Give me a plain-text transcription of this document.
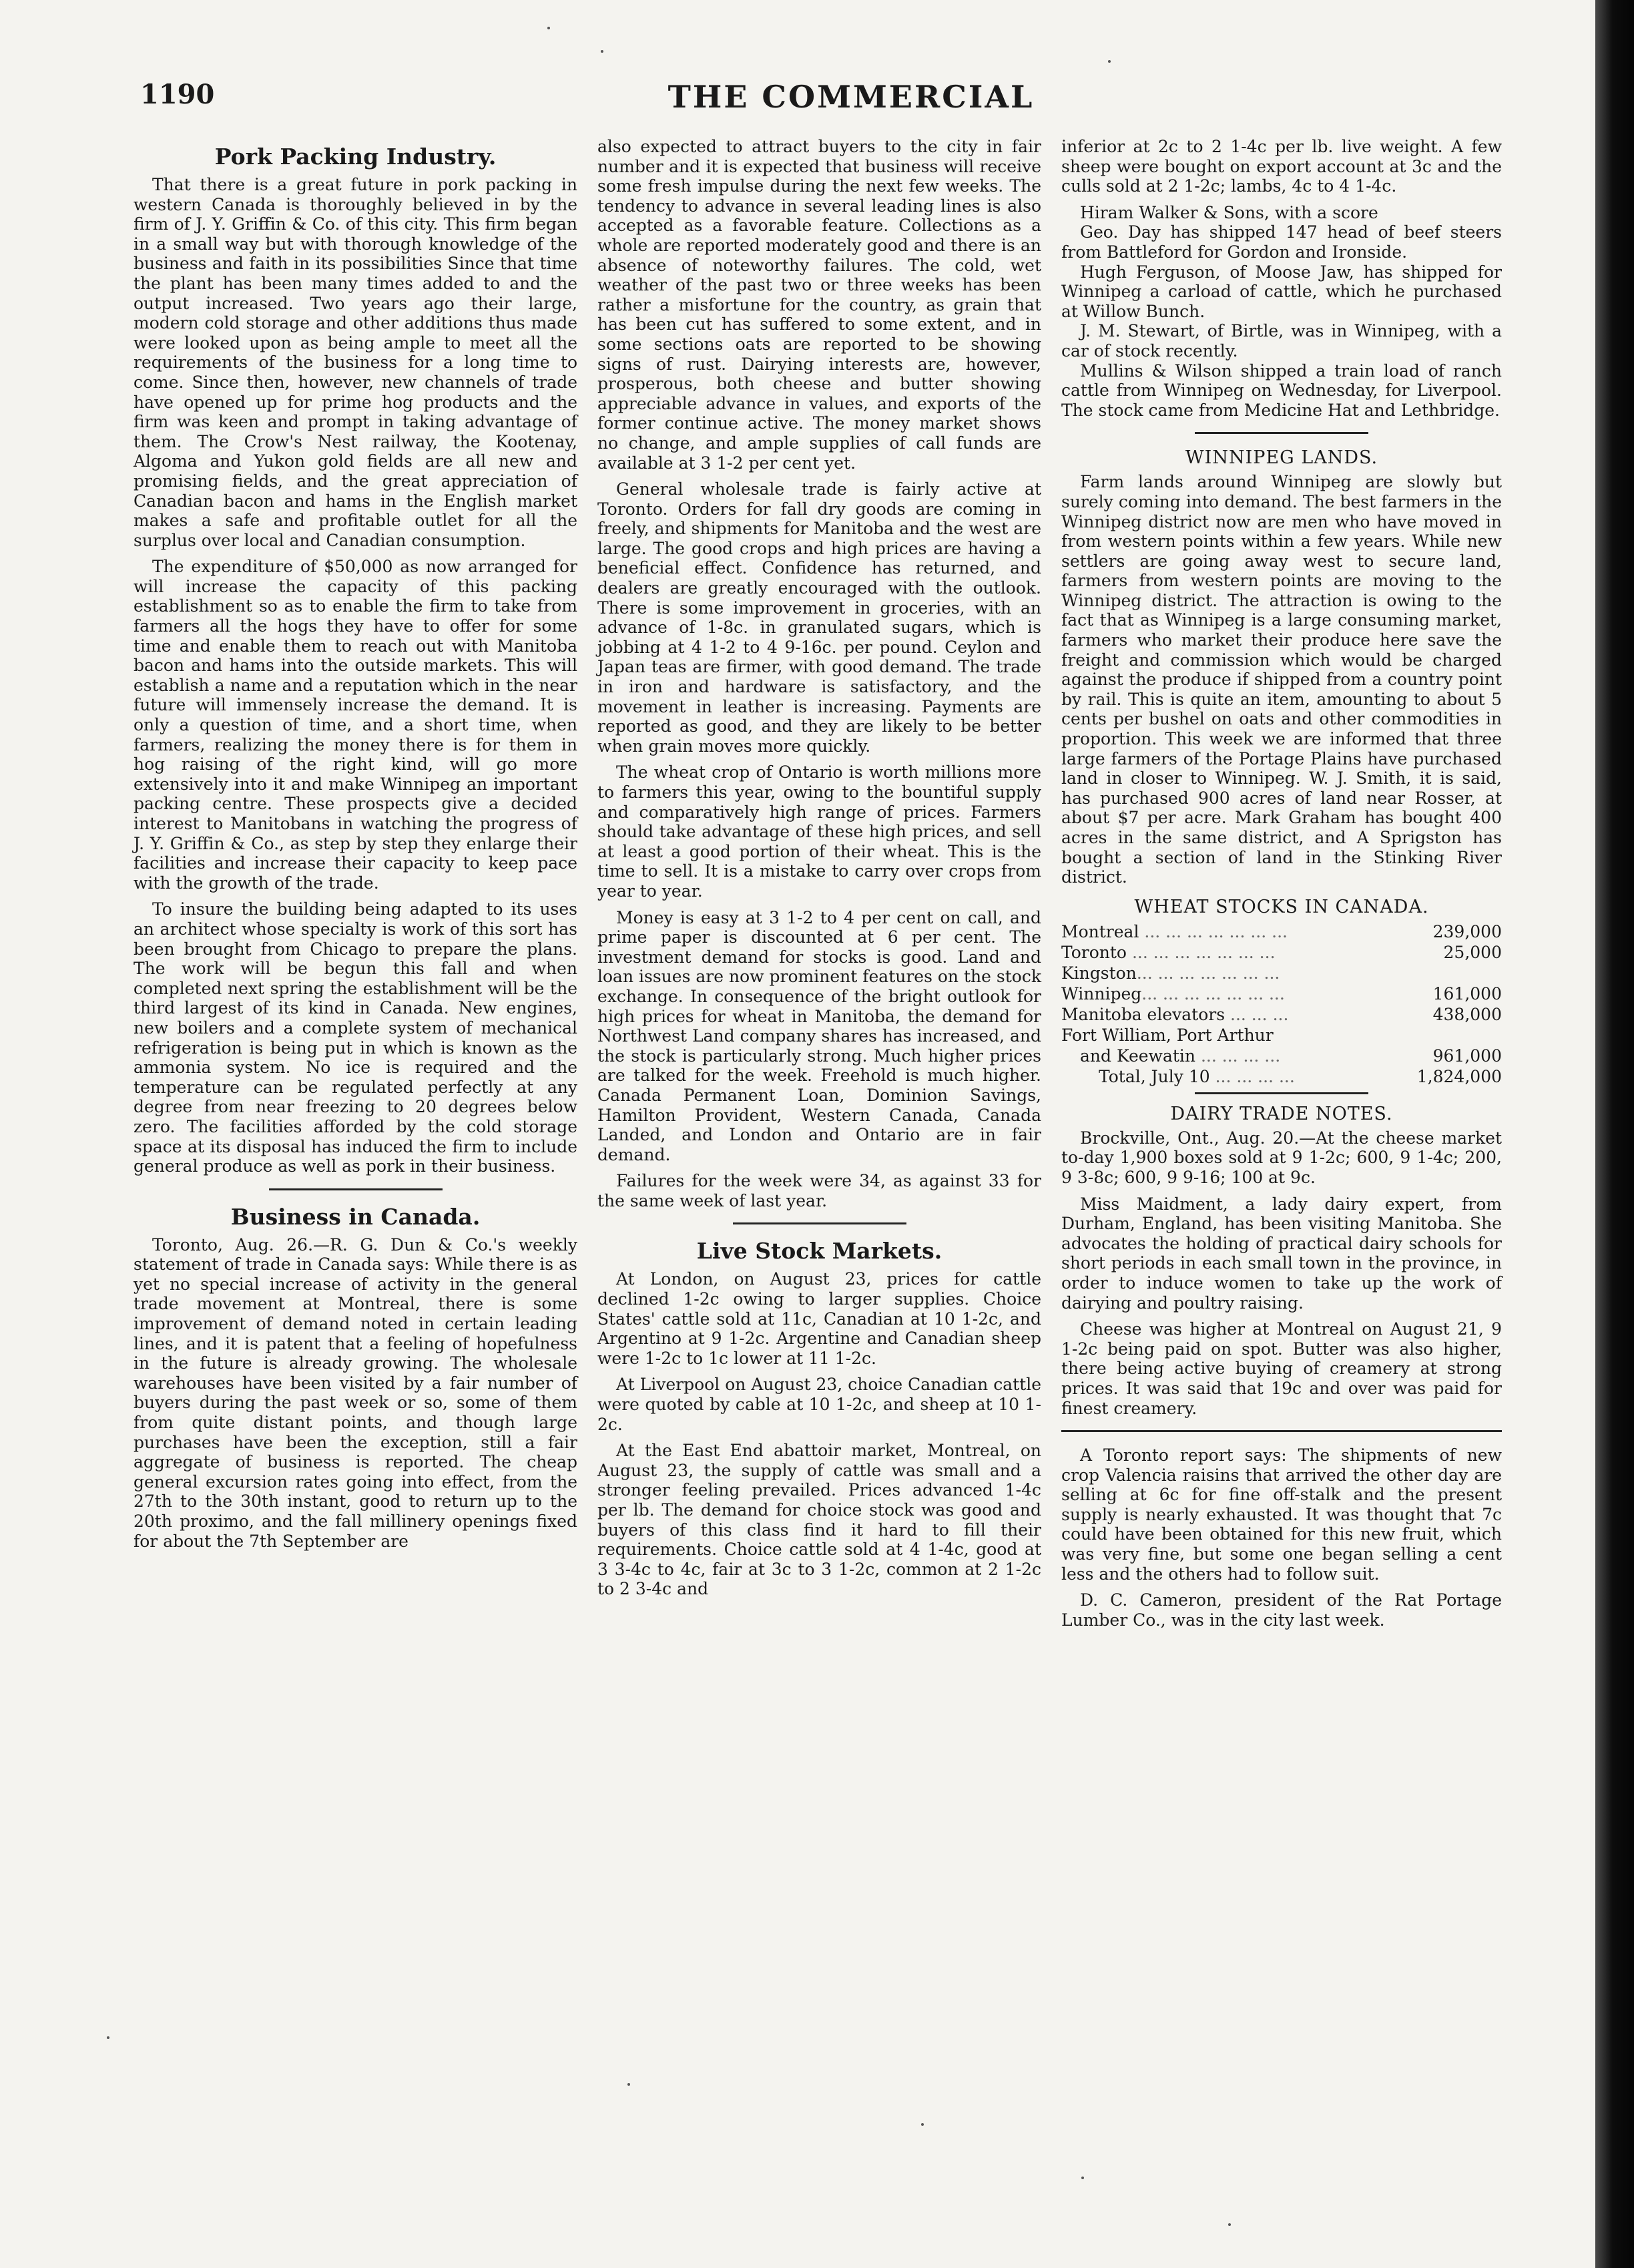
1190	THE COMMERCIAL
Pork Packing Industry.

That there is a great future in pork packing in western Canada is thoroughly believed in by the firm of J. Y. Griffin & Co. of this city. This firm began in a small way but with thorough knowledge of the business and faith in its possibilities Since that time the plant has been many times added to and the output increased. Two years ago their large, modern cold storage and other additions thus made were looked upon as being ample to meet all the requirements of the business for a long time to come. Since then, however, new channels of trade have opened up for prime hog products and the firm was keen and prompt in taking advantage of them. The Crow's Nest railway, the Kootenay, Algoma and Yukon gold fields are all new and promising fields, and the great appreciation of Canadian bacon and hams in the English market makes a safe and profitable outlet for all the surplus over local and Canadian consumption.

The expenditure of $50,000 as now arranged for will increase the capacity of this packing establishment so as to enable the firm to take from farmers all the hogs they have to offer for some time and enable them to reach out with Manitoba bacon and hams into the outside markets. This will establish a name and a reputation which in the near future will immensely increase the demand. It is only a question of time, and a short time, when farmers, realizing the money there is for them in hog raising of the right kind, will go more extensively into it and make Winnipeg an important packing centre. These prospects give a decided interest to Manitobans in watching the progress of J. Y. Griffin & Co., as step by step they enlarge their facilities and increase their capacity to keep pace with the growth of the trade.

To insure the building being adapted to its uses an architect whose specialty is work of this sort has been brought from Chicago to prepare the plans. The work will be begun this fall and when completed next spring the establishment will be the third largest of its kind in Canada. New engines, new boilers and a complete system of mechanical refrigeration is being put in which is known as the ammonia system. No ice is required and the temperature can be regulated perfectly at any degree from near freezing to 20 degrees below zero. The facilities afforded by the cold storage space at its disposal has induced the firm to include general produce as well as pork in their business.

Business in Canada.

Toronto, Aug. 26.—R. G. Dun & Co.'s weekly statement of trade in Canada says: While there is as yet no special increase of activity in the general trade movement at Montreal, there is some improvement of demand noted in certain leading lines, and it is patent that a feeling of hopefulness in the future is already growing. The wholesale warehouses have been visited by a fair number of buyers during the past week or so, some of them from quite distant points, and though large purchases have been the exception, still a fair aggregate of business is reported. The cheap general excursion rates going into effect, from the 27th to the 30th instant, good to return up to the 20th proximo, and the fall millinery openings fixed for about the 7th September are

also expected to attract buyers to the city in fair number and it is expected that business will receive some fresh impulse during the next few weeks. The tendency to advance in several leading lines is also accepted as a favorable feature. Collections as a whole are reported moderately good and there is an absence of noteworthy failures. The cold, wet weather of the past two or three weeks has been rather a misfortune for the country, as grain that has been cut has suffered to some extent, and in some sections oats are reported to be showing signs of rust. Dairying interests are, however, prosperous, both cheese and butter showing appreciable advance in values, and exports of the former continue active. The money market shows no change, and ample supplies of call funds are available at 3 1-2 per cent yet.

General wholesale trade is fairly active at Toronto. Orders for fall dry goods are coming in freely, and shipments for Manitoba and the west are large. The good crops and high prices are having a beneficial effect. Confidence has returned, and dealers are greatly encouraged with the outlook. There is some improvement in groceries, with an advance of 1-8c. in granulated sugars, which is jobbing at 4 1-2 to 4 9-16c. per pound. Ceylon and Japan teas are firmer, with good demand. The trade in iron and hardware is satisfactory, and the movement in leather is increasing. Payments are reported as good, and they are likely to be better when grain moves more quickly.

The wheat crop of Ontario is worth millions more to farmers this year, owing to the bountiful supply and comparatively high range of prices. Farmers should take advantage of these high prices, and sell at least a good portion of their wheat. This is the time to sell. It is a mistake to carry over crops from year to year.

Money is easy at 3 1-2 to 4 per cent on call, and prime paper is discounted at 6 per cent. The investment demand for stocks is good. Land and loan issues are now prominent features on the stock exchange. In consequence of the bright outlook for high prices for wheat in Manitoba, the demand for Northwest Land company shares has increased, and the stock is particularly strong. Much higher prices are talked for the week. Freehold is much higher. Canada Permanent Loan, Dominion Savings, Hamilton Provident, Western Canada, Canada Landed, and London and Ontario are in fair demand.

Failures for the week were 34, as against 33 for the same week of last year.

Live Stock Markets.

At London, on August 23, prices for cattle declined 1-2c owing to larger supplies. Choice States' cattle sold at 11c, Canadian at 10 1-2c, and Argentino at 9 1-2c. Argentine and Canadian sheep were 1-2c to 1c lower at 11 1-2c.

At Liverpool on August 23, choice Canadian cattle were quoted by cable at 10 1-2c, and sheep at 10 1-2c.

At the East End abattoir market, Montreal, on August 23, the supply of cattle was small and a stronger feeling prevailed. Prices advanced 1-4c per lb. The demand for choice stock was good and buyers of this class find it hard to fill their requirements. Choice cattle sold at 4 1-4c, good at 3 3-4c to 4c, fair at 3c to 3 1-2c, common at 2 1-2c to 2 3-4c and

inferior at 2c to 2 1-4c per lb. live weight. A few sheep were bought on export account at 3c and the culls sold at 2 1-2c; lambs, 4c to 4 1-4c.

Hiram Walker & Sons, with a score

Geo. Day has shipped 147 head of beef steers from Battleford for Gordon and Ironside.

Hugh Ferguson, of Moose Jaw, has shipped for Winnipeg a carload of cattle, which he purchased at Willow Bunch.

J. M. Stewart, of Birtle, was in Winnipeg, with a car of stock recently.

Mullins & Wilson shipped a train load of ranch cattle from Winnipeg on Wednesday, for Liverpool. The stock came from Medicine Hat and Lethbridge.

WINNIPEG LANDS.

Farm lands around Winnipeg are slowly but surely coming into demand. The best farmers in the Winnipeg district now are men who have moved in from western points within a few years. While new settlers are going away west to secure land, farmers from western points are moving to the Winnipeg district. The attraction is owing to the fact that as Winnipeg is a large consuming market, farmers who market their produce here save the freight and commission which would be charged against the produce if shipped from a country point by rail. This is quite an item, amounting to about 5 cents per bushel on oats and other commodities in proportion. This week we are informed that three large farmers of the Portage Plains have purchased land in closer to Winnipeg. W. J. Smith, it is said, has purchased 900 acres of land near Rosser, at about $7 per acre. Mark Graham has bought 400 acres in the same district, and A Sprigston has bought a section of land in the Stinking River district.

WHEAT STOCKS IN CANADA.
Montreal ... ... ... ... ... ... ...	239,000
Toronto ... ... ... ... ... ... ...	25,000
Kingston... ... ... ... ... ... ...	
Winnipeg... ... ... ... ... ... ...	161,000
Manitoba elevators ... ... ...	438,000
Fort William, Port Arthur	
and Keewatin ... ... ... ...	961,000
Total, July 10 ... ... ... ...	1,824,000
DAIRY TRADE NOTES.

Brockville, Ont., Aug. 20.—At the cheese market to-day 1,900 boxes sold at 9 1-2c; 600, 9 1-4c; 200, 9 3-8c; 600, 9 9-16; 100 at 9c.

Miss Maidment, a lady dairy expert, from Durham, England, has been visiting Manitoba. She advocates the holding of practical dairy schools for short periods in each small town in the province, in order to induce women to take up the work of dairying and poultry raising.

Cheese was higher at Montreal on August 21, 9 1-2c being paid on spot. Butter was also higher, there being active buying of creamery at strong prices. It was said that 19c and over was paid for finest creamery.

A Toronto report says: The shipments of new crop Valencia raisins that arrived the other day are selling at 6c for fine off-stalk and the present supply is nearly exhausted. It was thought that 7c could have been obtained for this new fruit, which was very fine, but some one began selling a cent less and the others had to follow suit.

D. C. Cameron, president of the Rat Portage Lumber Co., was in the city last week.
